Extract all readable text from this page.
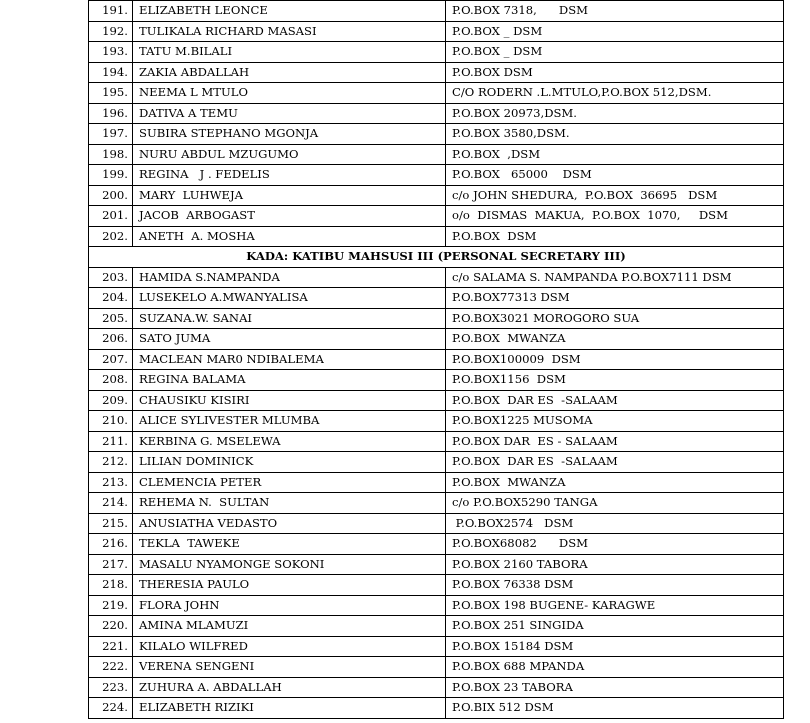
191.	ELIZABETH LEONCE	P.O.BOX 7318,      DSM
192.	TULIKALA RICHARD MASASI	P.O.BOX _ DSM
193.	TATU M.BILALI	P.O.BOX _ DSM
194.	ZAKIA ABDALLAH	P.O.BOX DSM
195.	NEEMA L MTULO	C/O RODERN .L.MTULO,P.O.BOX 512,DSM.
196.	DATIVA A TEMU	P.O.BOX 20973,DSM.
197.	SUBIRA STEPHANO MGONJA	P.O.BOX 3580,DSM.
198.	NURU ABDUL MZUGUMO	P.O.BOX  ,DSM
199.	REGINA   J . FEDELIS	P.O.BOX   65000    DSM
200.	MARY  LUHWEJA	c/o JOHN SHEDURA,  P.O.BOX  36695   DSM
201.	JACOB  ARBOGAST	o/o  DISMAS  MAKUA,  P.O.BOX  1070,     DSM
202.	ANETH  A. MOSHA	P.O.BOX  DSM
KADA: KATIBU MAHSUSI III (PERSONAL SECRETARY III)		
203.	HAMIDA S.NAMPANDA	c/o SALAMA S. NAMPANDA P.O.BOX7111 DSM
204.	LUSEKELO A.MWANYALISA	P.O.BOX77313 DSM
205.	SUZANA.W. SANAI	P.O.BOX3021 MOROGORO SUA
206.	SATO JUMA	P.O.BOX  MWANZA
207.	MACLEAN MAR0 NDIBALEMA	P.O.BOX100009  DSM
208.	REGINA BALAMA	P.O.BOX1156  DSM
209.	CHAUSIKU KISIRI	P.O.BOX  DAR ES  -SALAAM
210.	ALICE SYLIVESTER MLUMBA	P.O.BOX1225 MUSOMA
211.	KERBINA G. MSELEWA	P.O.BOX DAR  ES - SALAAM
212.	LILIAN DOMINICK	P.O.BOX  DAR ES  -SALAAM
213.	CLEMENCIA PETER	P.O.BOX  MWANZA
214.	REHEMA N.  SULTAN	c/o P.O.BOX5290 TANGA
215.	ANUSIATHA VEDASTO	P.O.BOX2574   DSM
216.	TEKLA  TAWEKE	P.O.BOX68082      DSM
217.	MASALU NYAMONGE SOKONI	P.O.BOX 2160 TABORA
218.	THERESIA PAULO	P.O.BOX 76338 DSM
219.	FLORA JOHN	P.O.BOX 198 BUGENE- KARAGWE
220.	AMINA MLAMUZI	P.O.BOX 251 SINGIDA
221.	KILALO WILFRED	P.O.BOX 15184 DSM
222.	VERENA SENGENI	P.O.BOX 688 MPANDA
223.	ZUHURA A. ABDALLAH	P.O.BOX 23 TABORA
224.	ELIZABETH RIZIKI	P.O.BIX 512 DSM
